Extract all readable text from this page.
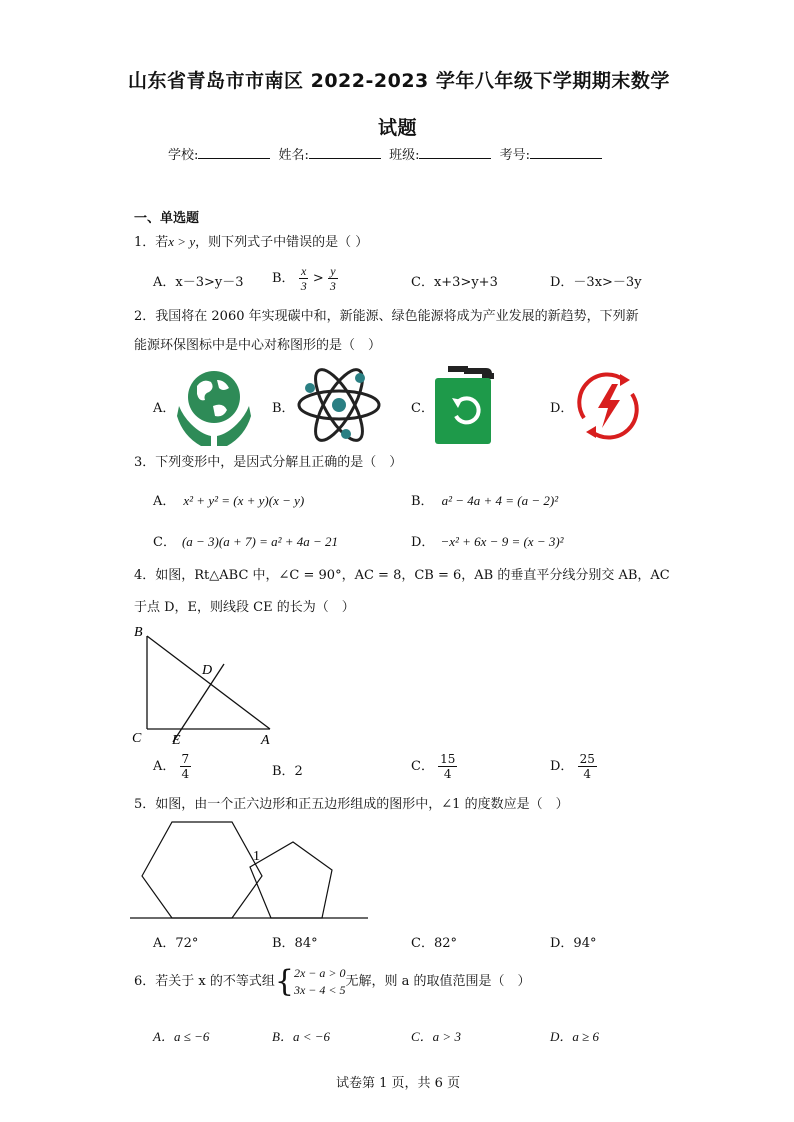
山东省青岛市市南区 2022-2023 学年八年级下学期期末数学
试题
学校:	姓名:	班级:	考号:
一、单选题
1．若x > y，则下列式子中错误的是（ ）
A．x－3>y－3 B． $\frac{x}{3} > \frac{y}{3}$	C．x+3>y+3	D．－3x>－3y
2．我国将在 2060 年实现碳中和，新能源、绿色能源将成为产业发展的新趋势，下列新
能源环保图标中是中心对称图形的是（　）
A．	B．	C．	D．
3．下列变形中，是因式分解且正确的是（　）
A． x² + y² = (x + y)(x − y)	B． a² − 4a + 4 = (a − 2)²
C． (a − 3)(a + 7) = a² + 4a − 21	D． −x² + 6x − 9 = (x − 3)²
4．如图，Rt△ABC 中，∠C = 90°，AC = 8，CB = 6，AB 的垂直平分线分别交 AB，AC
于点 D，E，则线段 CE 的长为（　）
B
D
C E	A
A． $\frac{7}{4}$	B．2	C． $\frac{15}{4}$	D． $\frac{25}{4}$
5．如图，由一个正六边形和正五边形组成的图形中，∠1 的度数应是（　）
1
A．72°	B．84°	C．82°	D．94°
6．若关于 x 的不等式组 { 2x − a > 0
3x − 4 < 5
无解，则 a 的取值范围是（　）
A．a ≤ −6	B．a < −6	C．a > 3	D．a ≥ 6
试卷第 1 页，共 6 页
